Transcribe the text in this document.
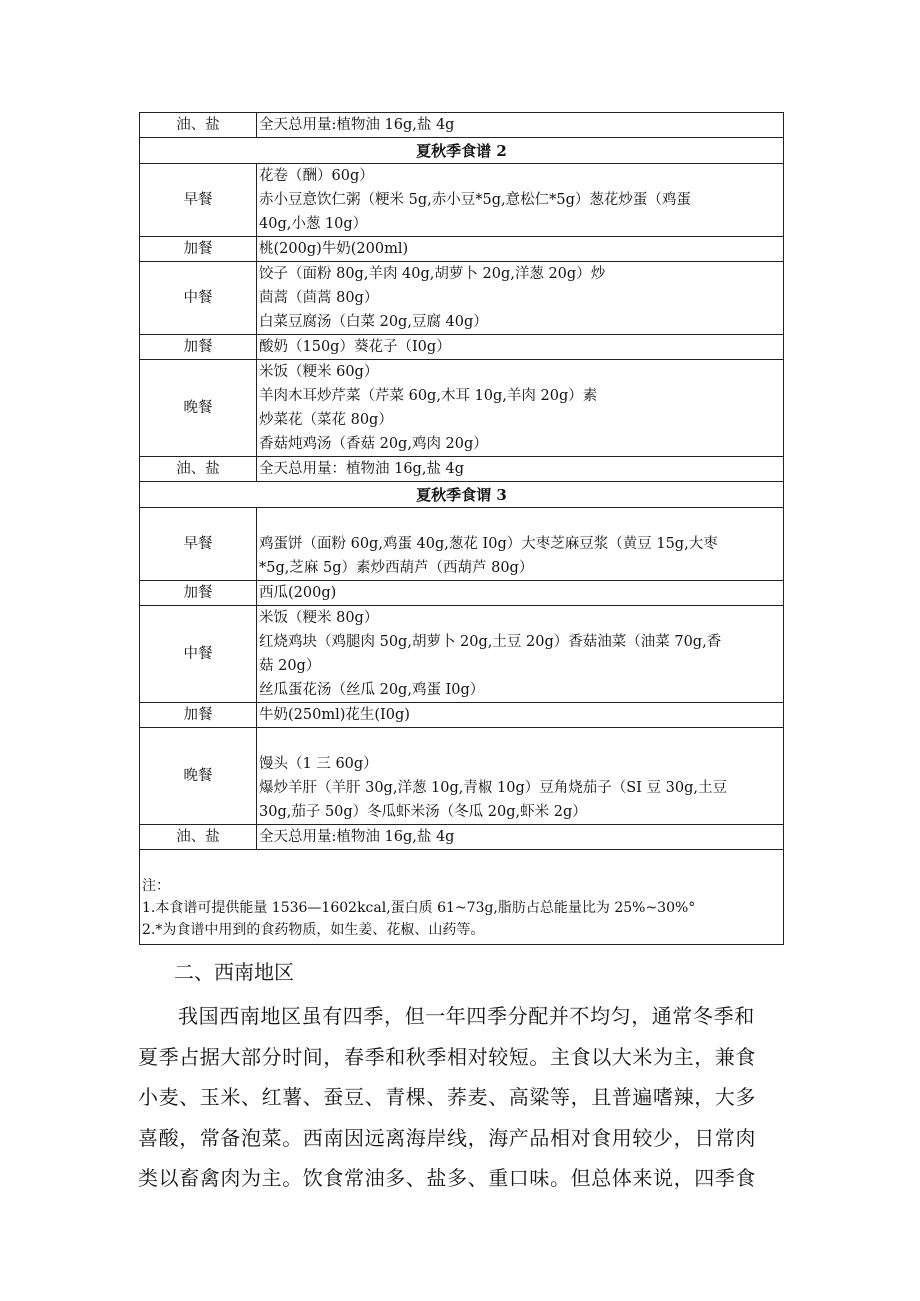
油、盐	全天总用量:植物油 16g,盐 4g

夏秋季食谱 2	
早餐	花卷（酬）60g）
赤小豆意饮仁粥（粳米 5g,赤小豆*5g,意松仁*5g）葱花炒蛋（鸡蛋
40g,小葱 10g）

加餐	桃(200g)牛奶(200ml)

中餐	饺子（面粉 80g,羊肉 40g,胡萝卜 20g,洋葱 20g）炒
茴蒿（茴蒿 80g）
白菜豆腐汤（白菜 20g,豆腐 40g）

加餐	酸奶（150g）葵花子（I0g）

晚餐	米饭（粳米 60g）
羊肉木耳炒芹菜（芹菜 60g,木耳 10g,羊肉 20g）素
炒菜花（菜花 80g）
香菇炖鸡汤（香菇 20g,鸡肉 20g）

油、盐	全天总用量：植物油 16g,盐 4g

夏秋季食谓 3	
早餐	鸡蛋饼（面粉 60g,鸡蛋 40g,葱花 I0g）大枣芝麻豆浆（黄豆 15g,大枣
*5g,芝麻 5g）素炒西葫芦（西葫芦 80g）

加餐	西瓜(200g)

中餐	米饭（粳米 80g）
红烧鸡块（鸡腿肉 50g,胡萝卜 20g,土豆 20g）香菇油菜（油菜 70g,香
菇 20g）
丝瓜蛋花汤（丝瓜 20g,鸡蛋 I0g）

加餐	牛奶(250ml)花生(I0g)

晚餐	馒头（1 三 60g）
爆炒羊肝（羊肝 30g,洋葱 10g,青椒 10g）豆角烧茄子（SI 豆 30g,土豆
30g,茄子 50g）冬瓜虾米汤（冬瓜 20g,虾米 2g）

油、盐	全天总用量:植物油 16g,盐 4g
注：
1.本食谱可提供能量 1536—1602kcal,蛋白质 61~73g,脂肪占总能量比为 25%~30%°
2.*为食谱中用到的食药物质，如生姜、花椒、山药等。
二、西南地区
我国西南地区虽有四季，但一年四季分配并不均匀，通常冬季和
夏季占据大部分时间，春季和秋季相对较短。主食以大米为主，兼食
小麦、玉米、红薯、蚕豆、青棵、荞麦、高粱等，且普遍嗜辣，大多
喜酸，常备泡菜。西南因远离海岸线，海产品相对食用较少，日常肉
类以畜禽肉为主。饮食常油多、盐多、重口味。但总体来说，四季食
